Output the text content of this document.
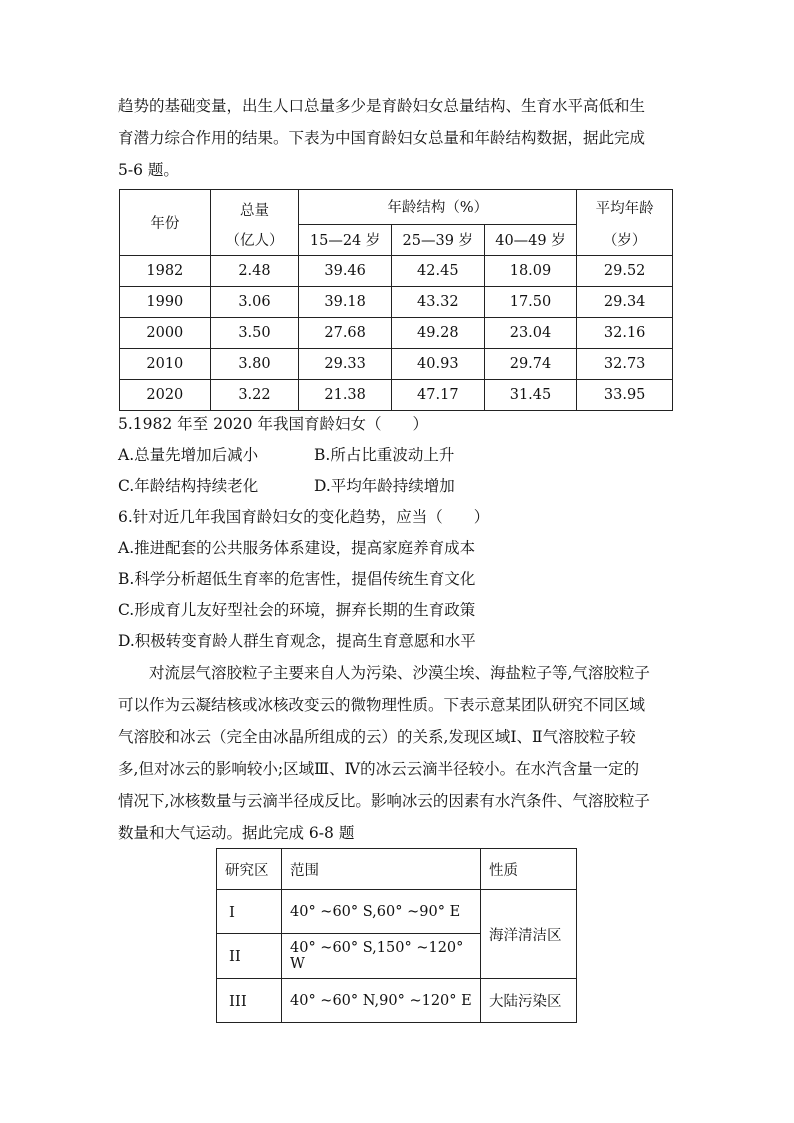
趋势的基础变量，出生人口总量多少是育龄妇女总量结构、生育水平高低和生
育潜力综合作用的结果。下表为中国育龄妇女总量和年龄结构数据，据此完成
5-6 题。
年份	总量	年龄结构（%）			平均年龄
	（亿人）	15—24 岁	25—39 岁	40—49 岁	（岁）
1982	2.48	39.46	42.45	18.09	29.52
1990	3.06	39.18	43.32	17.50	29.34
2000	3.50	27.68	49.28	23.04	32.16
2010	3.80	29.33	40.93	29.74	32.73
2020	3.22	21.38	47.17	31.45	33.95
5.1982 年至 2020 年我国育龄妇女（　　）
A.总量先增加后减小	B.所占比重波动上升
C.年龄结构持续老化	D.平均年龄持续增加
6.针对近几年我国育龄妇女的变化趋势，应当（　　）
A.推进配套的公共服务体系建设，提高家庭养育成本
B.科学分析超低生育率的危害性，提倡传统生育文化
C.形成育儿友好型社会的环境，摒弃长期的生育政策
D.积极转变育龄人群生育观念，提高生育意愿和水平
对流层气溶胶粒子主要来自人为污染、沙漠尘埃、海盐粒子等,气溶胶粒子
可以作为云凝结核或冰核改变云的微物理性质。下表示意某团队研究不同区域
气溶胶和冰云（完全由冰晶所组成的云）的关系,发现区域Ⅰ、Ⅱ气溶胶粒子较
多,但对冰云的影响较小;区域Ⅲ、Ⅳ的冰云云滴半径较小。在水汽含量一定的
情况下,冰核数量与云滴半径成反比。影响冰云的因素有水汽条件、气溶胶粒子
数量和大气运动。据此完成 6-8 题
研究区	范围	性质
I	40° ~60° S,60° ~90° E	海洋清洁区
II	40° ~60° S,150° ~120° W	
III	40° ~60° N,90° ~120° E	大陆污染区
